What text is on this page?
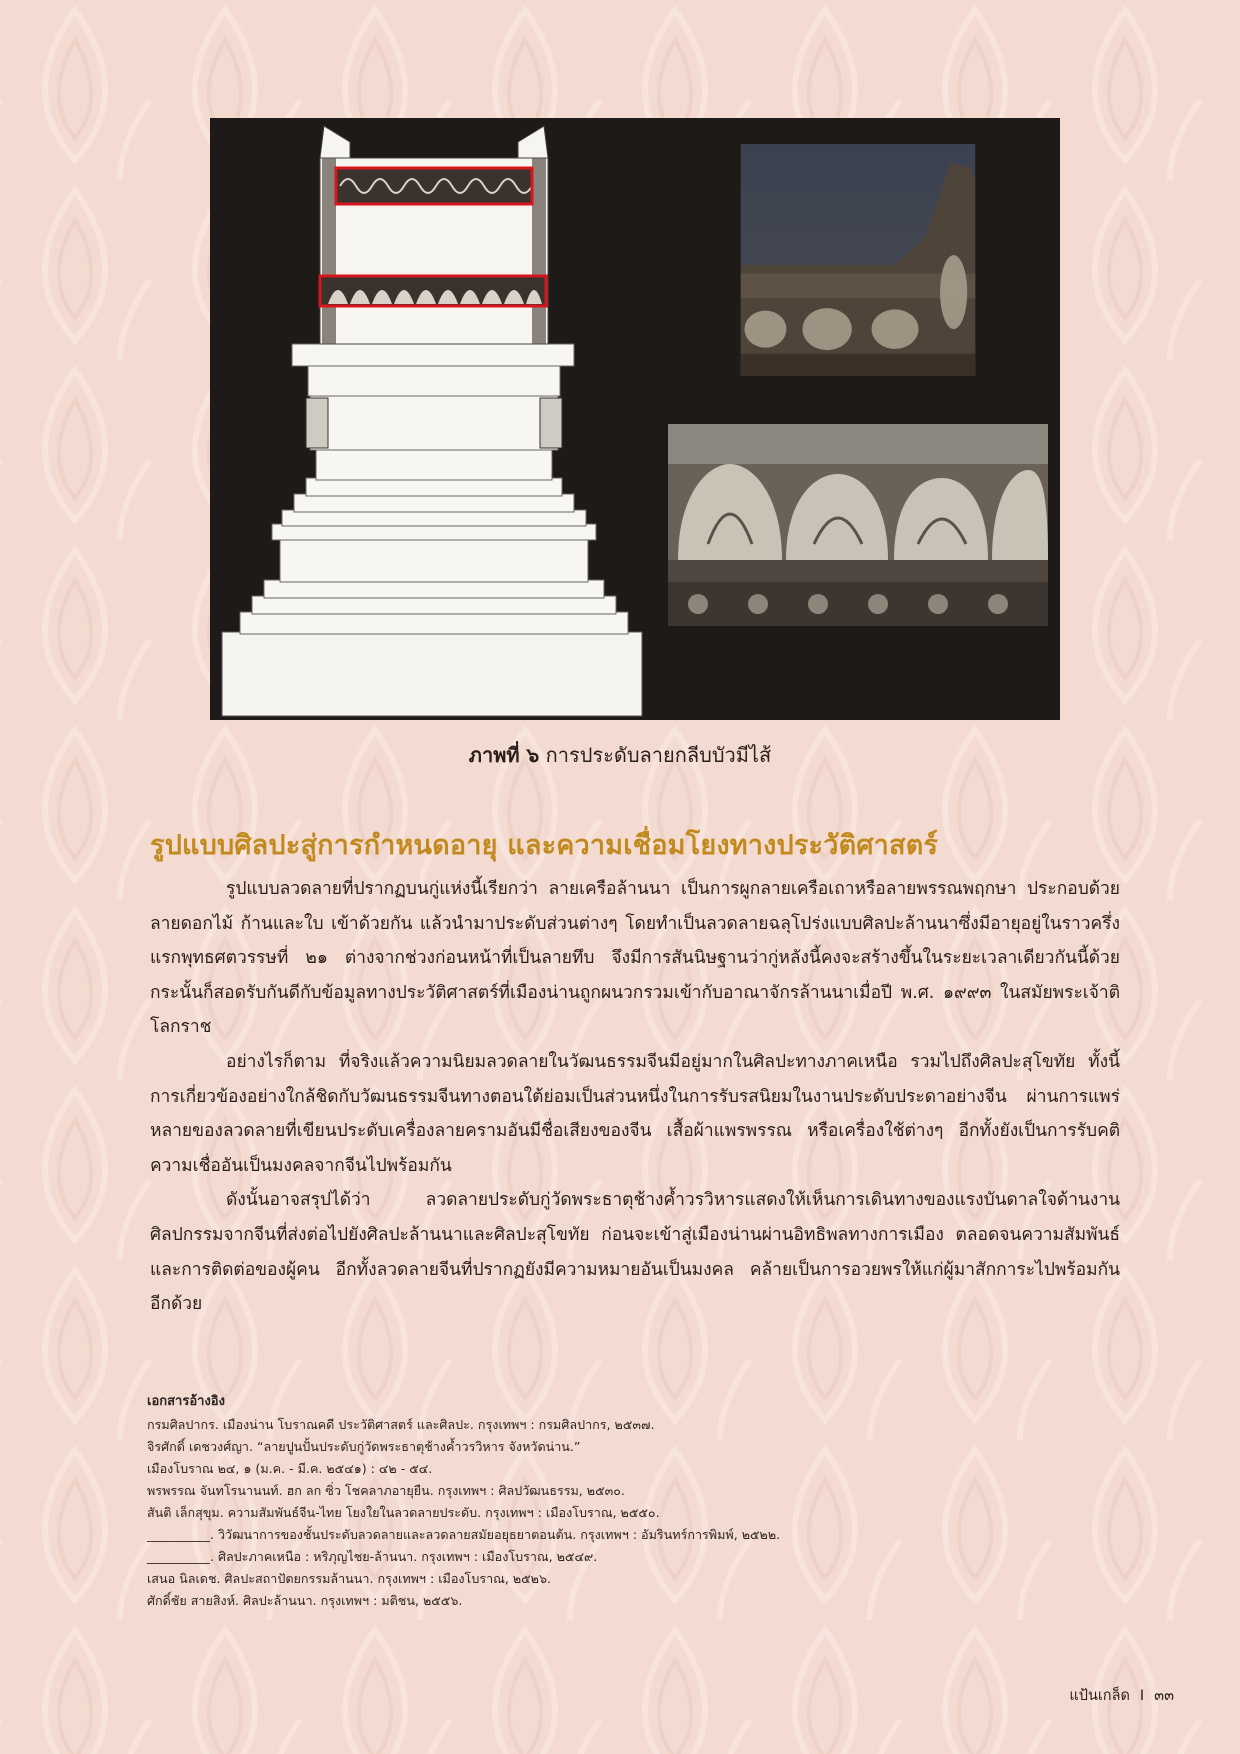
ภาพที่ ๖ การประดับลายกลีบบัวมีไส้
รูปแบบศิลปะสู่การกำหนดอายุ และความเชื่อมโยงทางประวัติศาสตร์

รูปแบบลวดลายที่ปรากฏบนกู่แห่งนี้เรียกว่า ลายเครือล้านนา เป็นการผูกลายเครือเถาหรือลายพรรณพฤกษา ประกอบด้วยลายดอกไม้ ก้านและใบ เข้าด้วยกัน แล้วนำมาประดับส่วนต่างๆ โดยทำเป็นลวดลายฉลุโปร่งแบบศิลปะล้านนาซึ่งมีอายุอยู่ในราวครึ่งแรกพุทธศตวรรษที่ ๒๑ ต่างจากช่วงก่อนหน้าที่เป็นลายทึบ จึงมีการสันนิษฐานว่ากู่หลังนี้คงจะสร้างขึ้นในระยะเวลาเดียวกันนี้ด้วย กระนั้นก็สอดรับกันดีกับข้อมูลทางประวัติศาสตร์ที่เมืองน่านถูกผนวกรวมเข้ากับอาณาจักรล้านนาเมื่อปี พ.ศ. ๑๙๙๓ ในสมัยพระเจ้าติโลกราช

อย่างไรก็ตาม ที่จริงแล้วความนิยมลวดลายในวัฒนธรรมจีนมีอยู่มากในศิลปะทางภาคเหนือ รวมไปถึงศิลปะสุโขทัย ทั้งนี้การเกี่ยวข้องอย่างใกล้ชิดกับวัฒนธรรมจีนทางตอนใต้ย่อมเป็นส่วนหนึ่งในการรับรสนิยมในงานประดับประดาอย่างจีน ผ่านการแพร่หลายของลวดลายที่เขียนประดับเครื่องลายครามอันมีชื่อเสียงของจีน เสื้อผ้าแพรพรรณ หรือเครื่องใช้ต่างๆ อีกทั้งยังเป็นการรับคติความเชื่ออันเป็นมงคลจากจีนไปพร้อมกัน

ดังนั้นอาจสรุปได้ว่า ลวดลายประดับกู่วัดพระธาตุช้างค้ำวรวิหารแสดงให้เห็นการเดินทางของแรงบันดาลใจด้านงานศิลปกรรมจากจีนที่ส่งต่อไปยังศิลปะล้านนาและศิลปะสุโขทัย ก่อนจะเข้าสู่เมืองน่านผ่านอิทธิพลทางการเมือง ตลอดจนความสัมพันธ์และการติดต่อของผู้คน อีกทั้งลวดลายจีนที่ปรากฏยังมีความหมายอันเป็นมงคล คล้ายเป็นการอวยพรให้แก่ผู้มาสักการะไปพร้อมกันอีกด้วย

เอกสารอ้างอิง
กรมศิลปากร. เมืองน่าน โบราณคดี ประวัติศาสตร์ และศิลปะ. กรุงเทพฯ : กรมศิลปากร, ๒๕๓๗.
จิรศักดิ์ เดชวงศ์ญา. “ลายปูนปั้นประดับกู่วัดพระธาตุช้างค้ำวรวิหาร จังหวัดน่าน.”
เมืองโบราณ ๒๔, ๑ (ม.ค. - มี.ค. ๒๕๔๑) : ๔๒ - ๕๔.
พรพรรณ จันทโรนานนท์. ฮก ลก ซิ่ว โชคลาภอายุยืน. กรุงเทพฯ : ศิลปวัฒนธรรม, ๒๕๓๐.
สันติ เล็กสุขุม. ความสัมพันธ์จีน-ไทย โยงใยในลวดลายประดับ. กรุงเทพฯ : เมืองโบราณ, ๒๕๕๐.
__________. วิวัฒนาการของชั้นประดับลวดลายและลวดลายสมัยอยุธยาตอนต้น. กรุงเทพฯ : อัมรินทร์การพิมพ์, ๒๕๒๒.
__________. ศิลปะภาคเหนือ : หริภุญไชย-ล้านนา. กรุงเทพฯ : เมืองโบราณ, ๒๕๔๙.
เสนอ นิลเดช. ศิลปะสถาปัตยกรรมล้านนา. กรุงเทพฯ : เมืองโบราณ, ๒๕๒๖.
ศักดิ์ชัย สายสิงห์. ศิลปะล้านนา. กรุงเทพฯ : มติชน, ๒๕๕๖.
แป้นเกล็ด I ๓๓
